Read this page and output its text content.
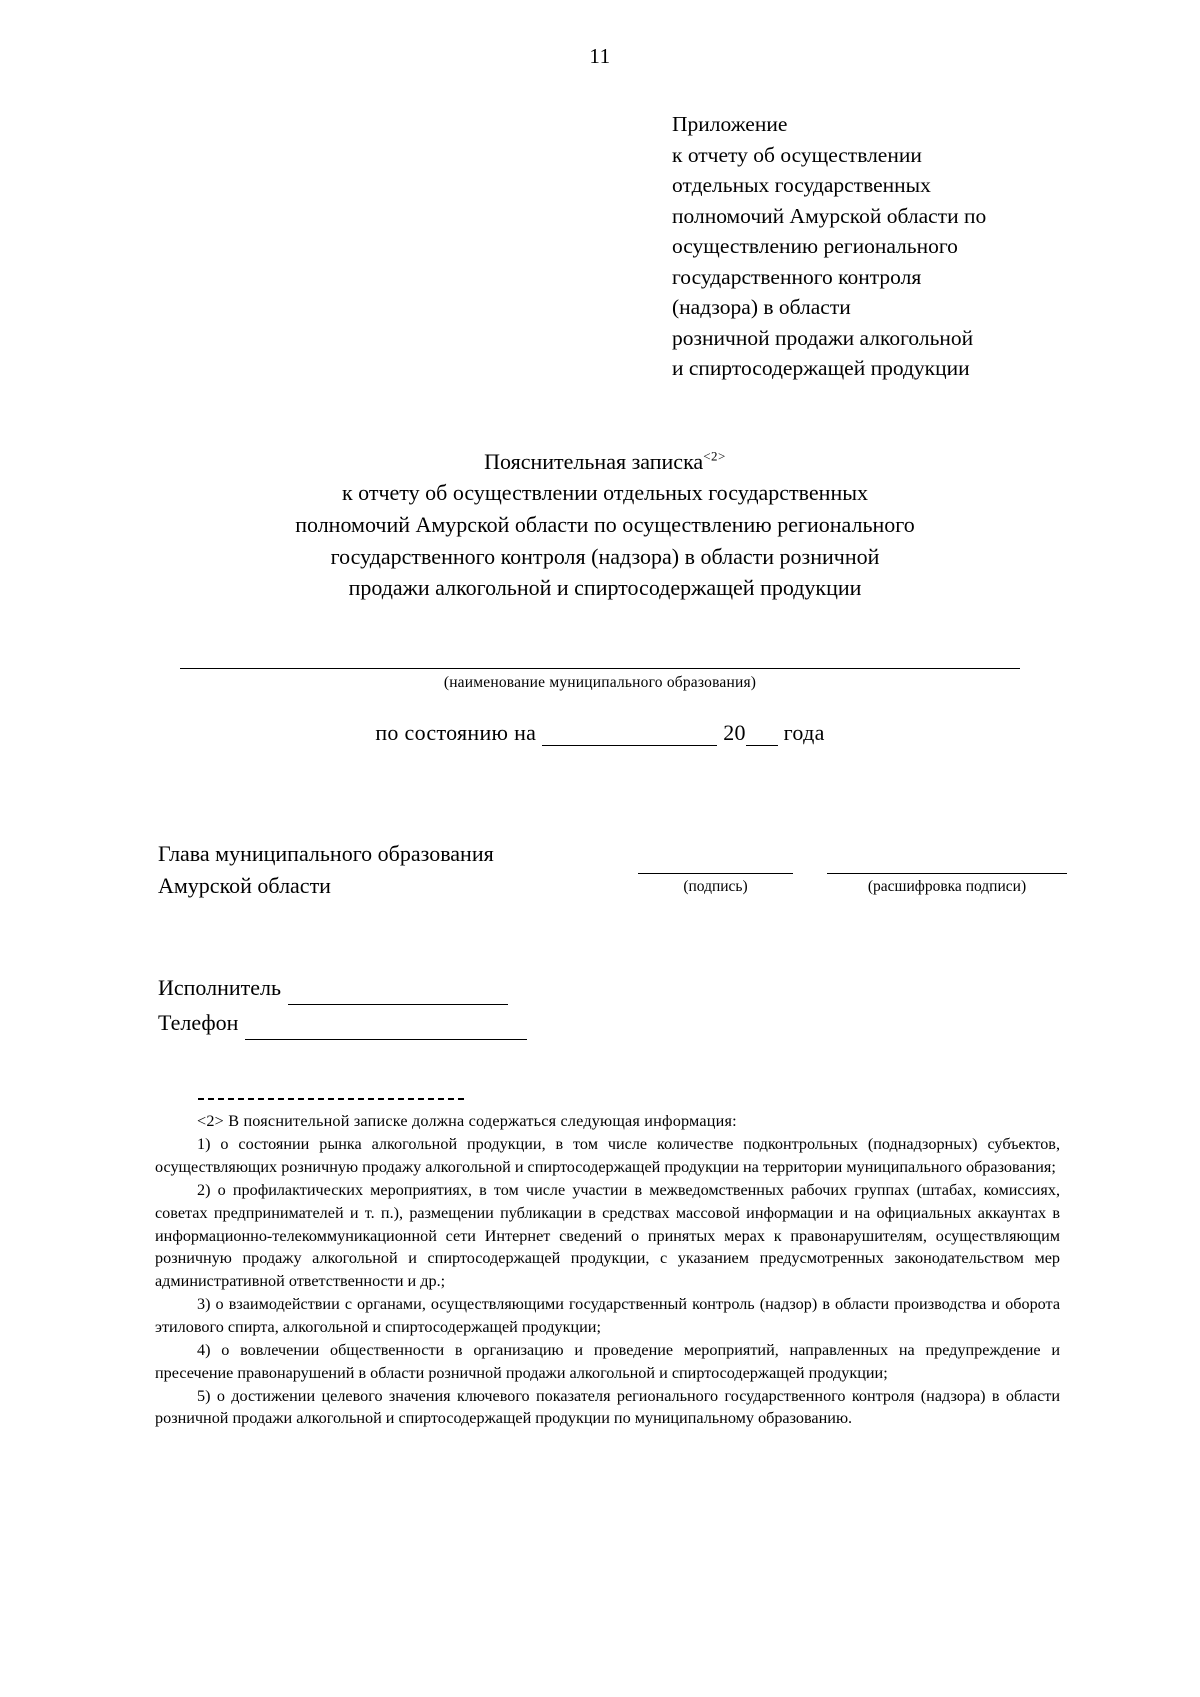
11
Приложение
к отчету об осуществлении
отдельных государственных
полномочий Амурской области по
осуществлению регионального
государственного контроля
(надзора) в области
розничной продажи алкогольной
и спиртосодержащей продукции
Пояснительная записка$^{<2>}$
к отчету об осуществлении отдельных государственных
полномочий Амурской области по осуществлению регионального
государственного контроля (надзора) в области розничной
продажи алкогольной и спиртосодержащей продукции
(наименование муниципального образования)
по состоянию на	20 года
Глава муниципального образования
Амурской области	(подпись)	(расшифровка подписи)
Исполнитель
Телефон

<2> В пояснительной записке должна содержаться следующая информация:

1) о состоянии рынка алкогольной продукции, в том числе количестве подконтрольных (поднадзорных) субъектов, осуществляющих розничную продажу алкогольной и спиртосодержащей продукции на территории муниципального образования;

2) о профилактических мероприятиях, в том числе участии в межведомственных рабочих группах (штабах, комиссиях, советах предпринимателей и т. п.), размещении публикации в средствах массовой информации и на официальных аккаунтах в информационно-телекоммуникационной сети Интернет сведений о принятых мерах к правонарушителям, осуществляющим розничную продажу алкогольной и спиртосодержащей продукции, с указанием предусмотренных законодательством мер административной ответственности и др.;

3) о взаимодействии с органами, осуществляющими государственный контроль (надзор) в области производства и оборота этилового спирта, алкогольной и спиртосодержащей продукции;

4) о вовлечении общественности в организацию и проведение мероприятий, направленных на предупреждение и пресечение правонарушений в области розничной продажи алкогольной и спиртосодержащей продукции;

5) о достижении целевого значения ключевого показателя регионального государственного контроля (надзора) в области розничной продажи алкогольной и спиртосодержащей продукции по муниципальному образованию.
